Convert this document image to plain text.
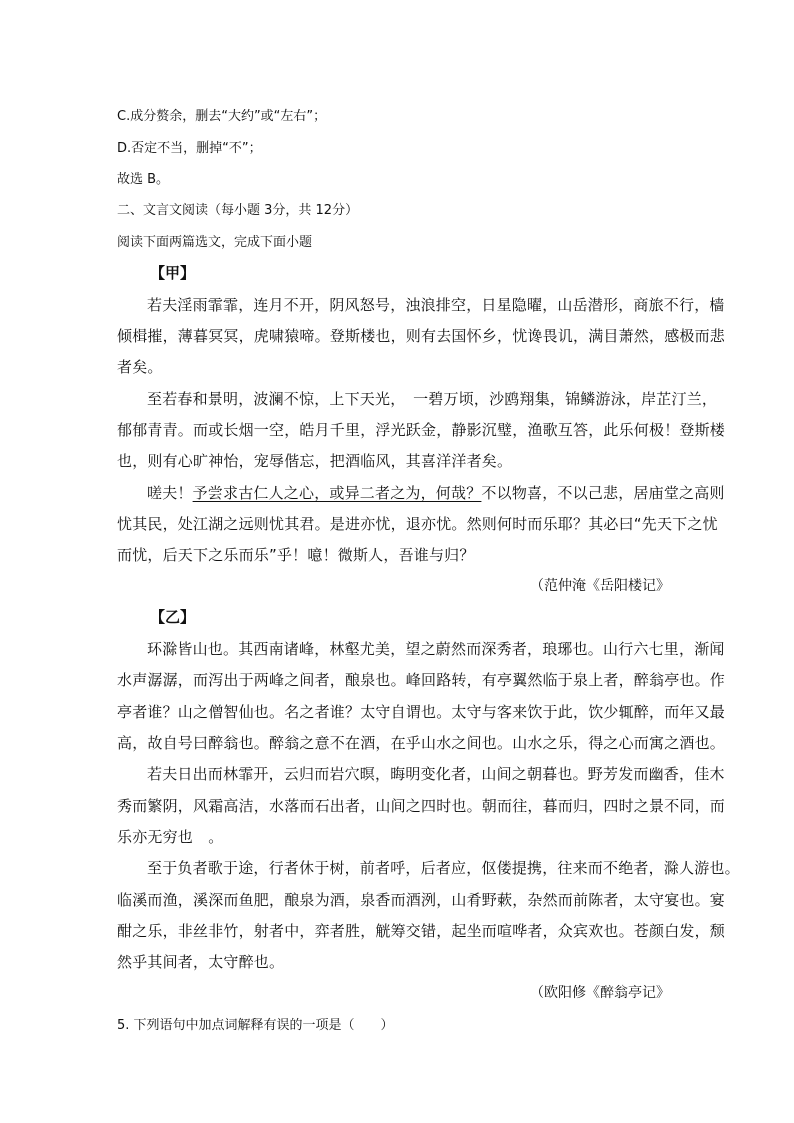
C.成分赘余，删去“大约”或“左右”；
D.否定不当，删掉“不”；
故选 B。
二、文言文阅读（每小题 3分，共 12分）
阅读下面两篇选文，完成下面小题
【甲】
若夫淫雨霏霏，连月不开，阴风怒号，浊浪排空，日星隐曜，山岳潜形，商旅不行，樯
倾楫摧，薄暮冥冥，虎啸猿啼。登斯楼也，则有去国怀乡，忧谗畏讥，满目萧然，感极而悲
者矣。
至若春和景明，波澜不惊，上下天光，　一碧万顷，沙鸥翔集，锦鳞游泳，岸芷汀兰，
郁郁青青。而或长烟一空，皓月千里，浮光跃金，静影沉璧，渔歌互答，此乐何极！登斯楼
也，则有心旷神怡，宠辱偕忘，把酒临风，其喜洋洋者矣。
嗟夫！予尝求古仁人之心，或异二者之为，何哉？不以物喜，不以己悲，居庙堂之高则
忧其民，处江湖之远则忧其君。是进亦忧，退亦忧。然则何时而乐耶？其必曰“先天下之忧
而忧，后天下之乐而乐”乎！噫！微斯人，吾谁与归？
（范仲淹《岳阳楼记》
【乙】
环滁皆山也。其西南诸峰，林壑尤美，望之蔚然而深秀者，琅琊也。山行六七里，渐闻
水声潺潺，而泻出于两峰之间者，酿泉也。峰回路转，有亭翼然临于泉上者，醉翁亭也。作
亭者谁？山之僧智仙也。名之者谁？太守自谓也。太守与客来饮于此，饮少辄醉，而年又最
高，故自号曰醉翁也。醉翁之意不在酒，在乎山水之间也。山水之乐，得之心而寓之酒也。
若夫日出而林霏开，云归而岩穴暝，晦明变化者，山间之朝暮也。野芳发而幽香，佳木
秀而繁阴，风霜高洁，水落而石出者，山间之四时也。朝而往，暮而归，四时之景不同，而
乐亦无穷也　。
至于负者歌于途，行者休于树，前者呼，后者应，伛偻提携，往来而不绝者，滁人游也。
临溪而渔，溪深而鱼肥，酿泉为酒，泉香而酒洌，山肴野蔌，杂然而前陈者，太守宴也。宴
酣之乐，非丝非竹，射者中，弈者胜，觥筹交错，起坐而喧哗者，众宾欢也。苍颜白发，颓
然乎其间者，太守醉也。
（欧阳修《醉翁亭记》
5. 下列语句中加点词解释有误的一项是（　　）
